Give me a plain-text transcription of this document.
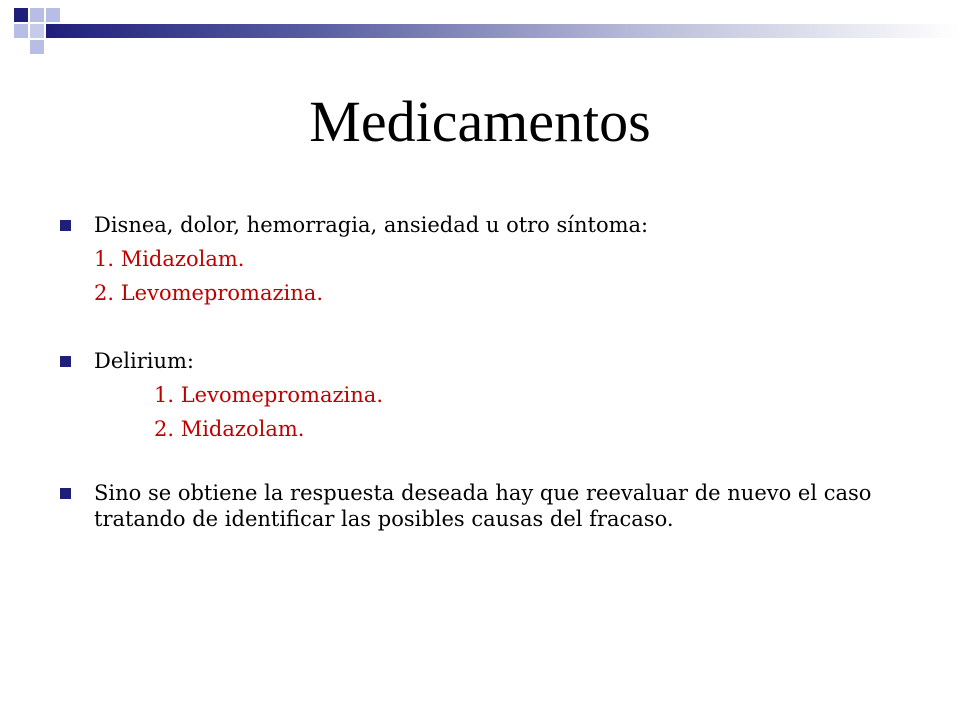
Medicamentos
Disnea, dolor, hemorragia, ansiedad u otro síntoma:
1. Midazolam.
2. Levomepromazina.
Delirium:
1. Levomepromazina.
2. Midazolam.
Sino se obtiene la respuesta deseada hay que reevaluar de nuevo el caso tratando de identificar las posibles causas del fracaso.
